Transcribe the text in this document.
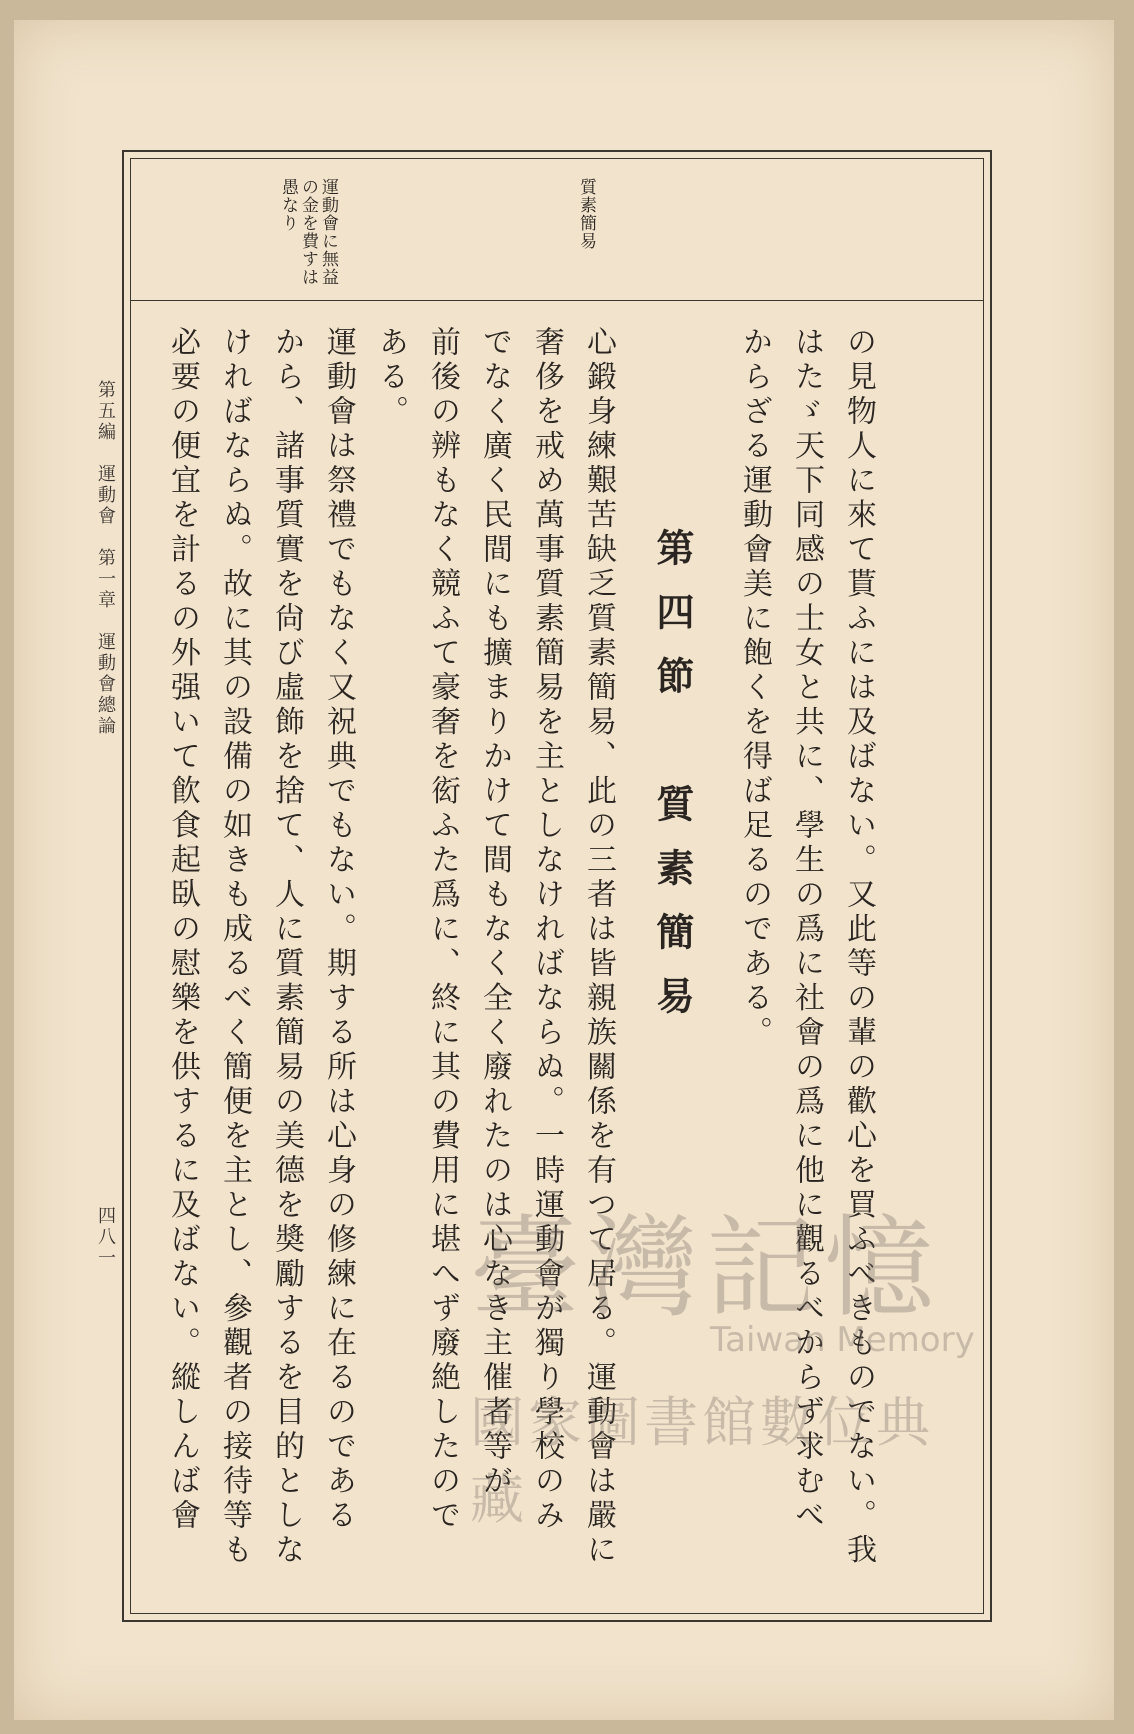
質素簡易
運動會に無益
の金を費すは
愚なり
の見物人に來て貰ふには及ばない。又此等の輩の歡心を買ふべきものでない。我
はたゞ天下同感の士女と共に、學生の爲に社會の爲に他に觀るべからず求むべ
からざる運動會美に飽くを得ば足るのである。
第四節　質素簡易
心鍛身練艱苦缺乏質素簡易、此の三者は皆親族關係を有つて居る。運動會は嚴に
奢侈を戒め萬事質素簡易を主としなければならぬ。一時運動會が獨り學校のみ
でなく廣く民間にも擴まりかけて間もなく全く廢れたのは心なき主催者等が
前後の辨もなく競ふて豪奢を衒ふた爲に、終に其の費用に堪へず廢絶したので
ある。
運動會は祭禮でもなく又祝典でもない。期する所は心身の修練に在るのである
から、諸事質實を尙び虛飾を捨て、人に質素簡易の美德を奬勵するを目的としな
ければならぬ。故に其の設備の如きも成るべく簡便を主とし、參觀者の接待等も
必要の便宜を計るの外强いて飮食起臥の慰樂を供するに及ばない。縱しんば會
第五編　運動會　第一章　運動會總論
四八一	臺灣記憶
Taiwan Memory
國家圖書館數位典藏
